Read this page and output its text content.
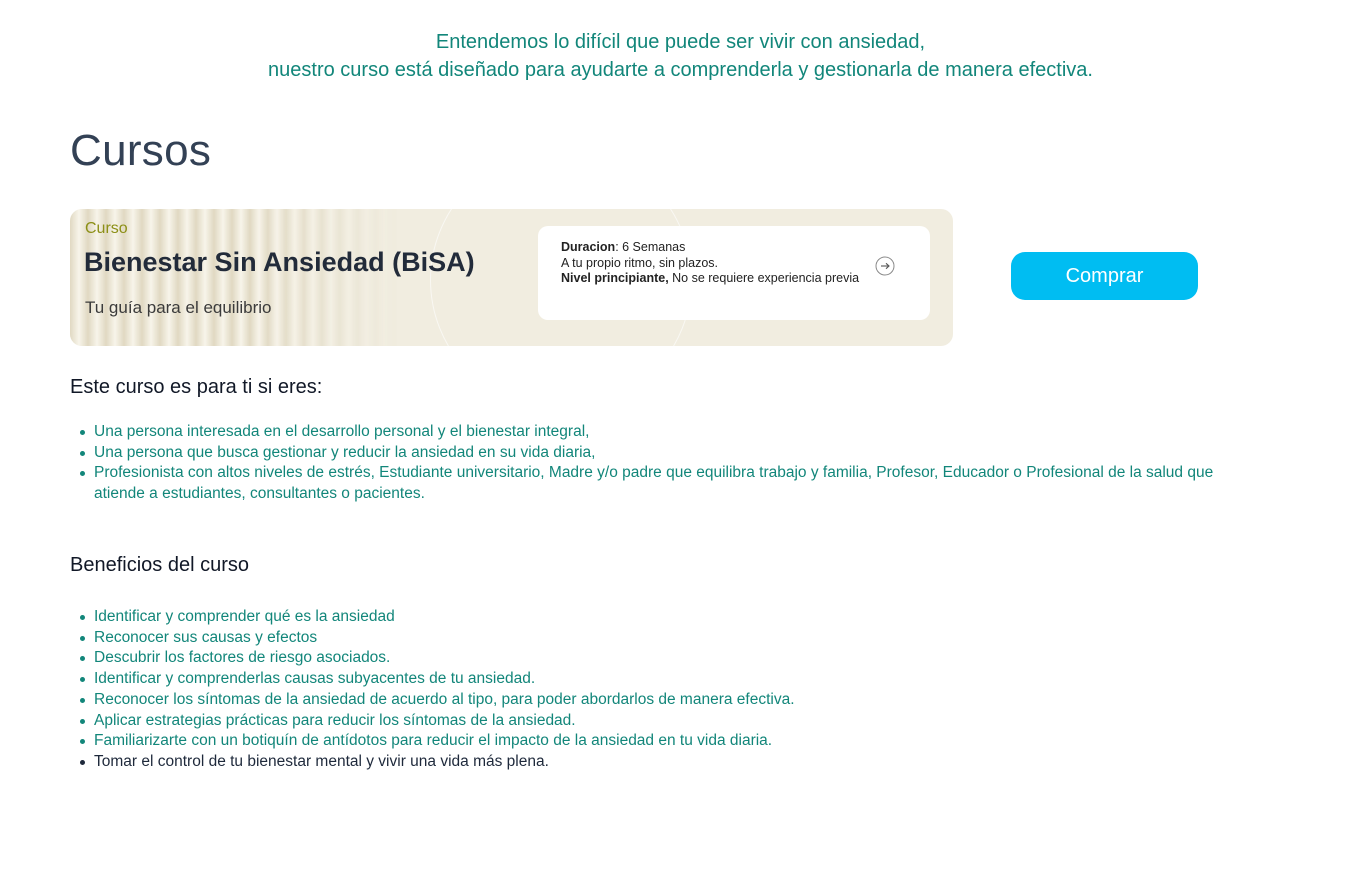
Entendemos lo difícil que puede ser vivir con ansiedad,
nuestro curso está diseñado para ayudarte a comprenderla y gestionarla de manera efectiva.
Cursos
Curso
Bienestar Sin Ansiedad (BiSA)
Tu guía para el equilibrio
Duracion: 6 Semanas
A tu propio ritmo, sin plazos.
Nivel principiante, No se requiere experiencia previa	Comprar
Este curso es para ti si eres:
Una persona interesada en el desarrollo personal y el bienestar integral,
Una persona que busca gestionar y reducir la ansiedad en su vida diaria,
Profesionista con altos niveles de estrés, Estudiante universitario, Madre y/o padre que equilibra trabajo y familia, Profesor, Educador o Profesional de la salud que atiende a estudiantes, consultantes o pacientes.
Beneficios del curso
Identificar y comprender qué es la ansiedad
Reconocer sus causas y efectos
Descubrir los factores de riesgo asociados.
Identificar y comprenderlas causas subyacentes de tu ansiedad.
Reconocer los síntomas de la ansiedad de acuerdo al tipo, para poder abordarlos de manera efectiva.
Aplicar estrategias prácticas para reducir los síntomas de la ansiedad.
Familiarizarte con un botiquín de antídotos para reducir el impacto de la ansiedad en tu vida diaria.
Tomar el control de tu bienestar mental y vivir una vida más plena.
